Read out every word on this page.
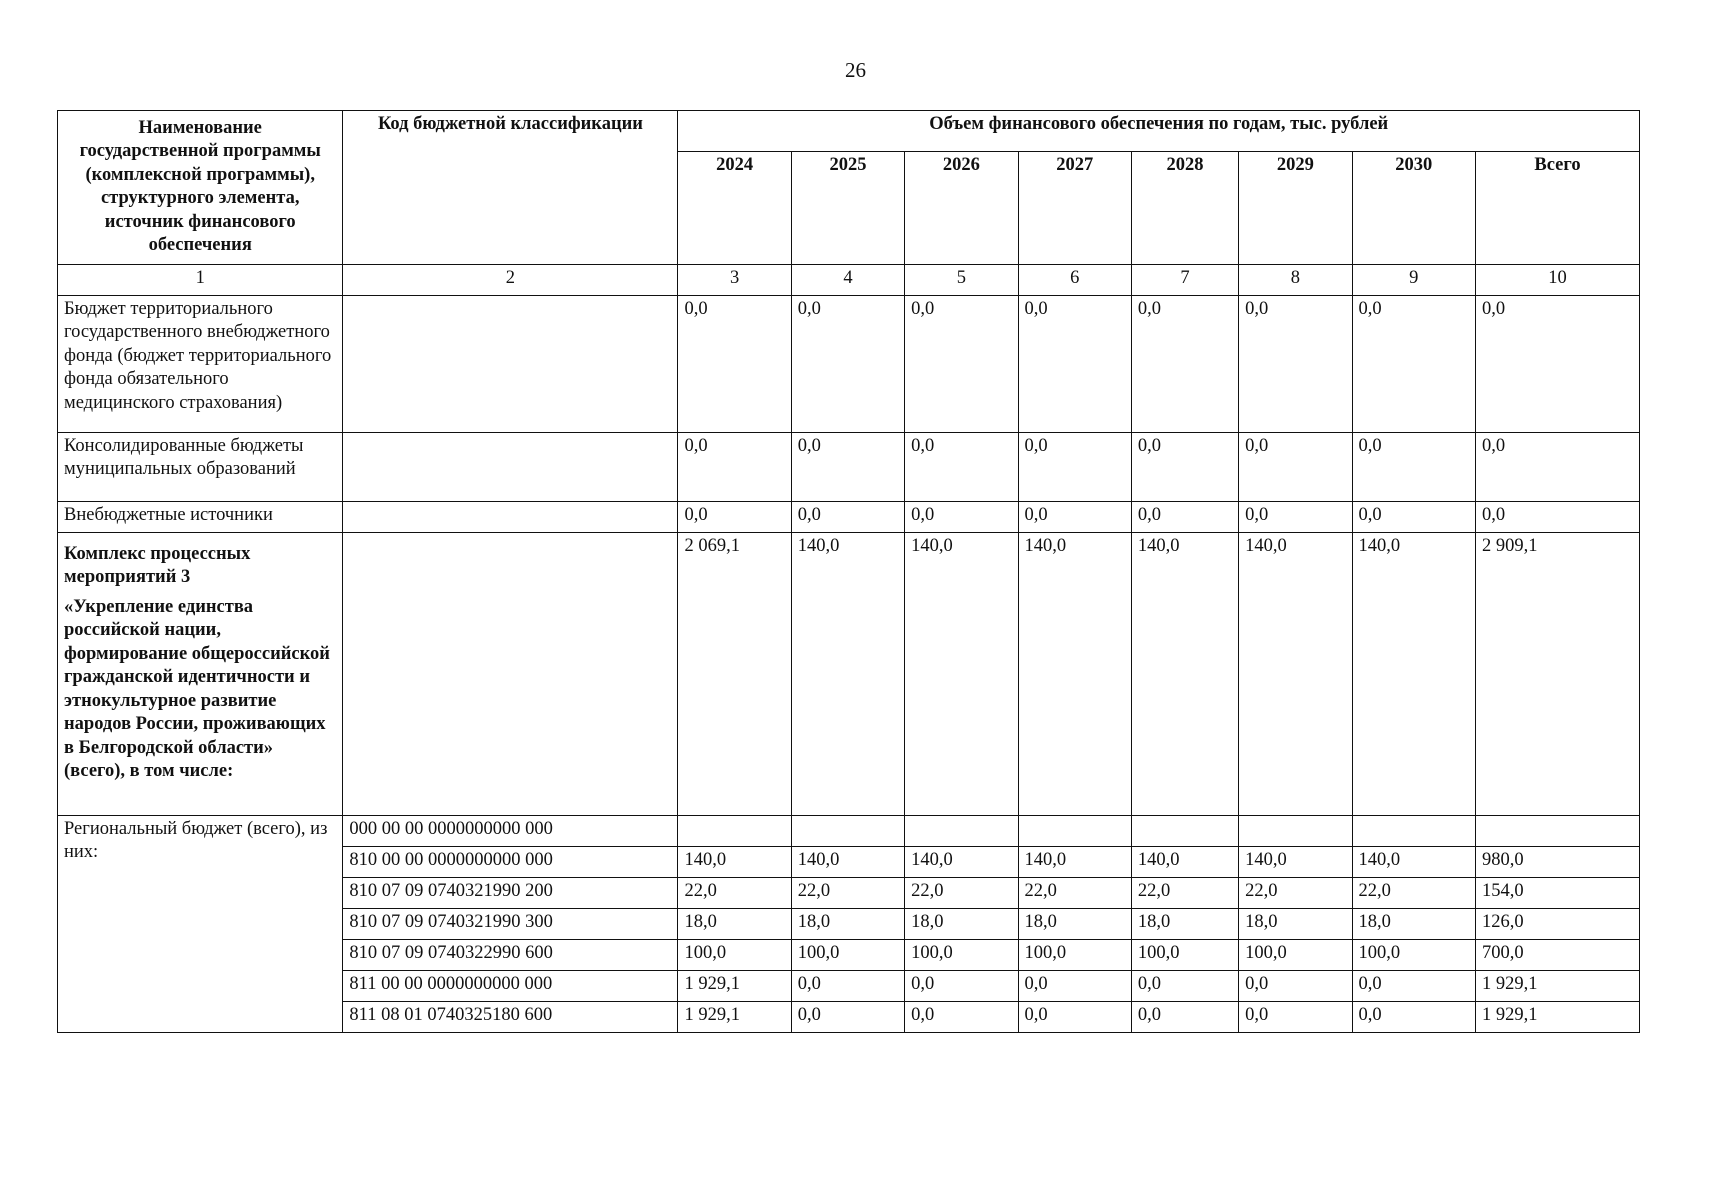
26
Наименование государственной программы (комплексной программы), структурного элемента, источник финансового обеспечения	Код бюджетной классификации	Объем финансового обеспечения по годам, тыс. рублей							
		2024	2025	2026	2027	2028	2029	2030	Всего
1	2	3	4	5	6	7	8	9	10
Бюджет территориального государственного внебюджетного фонда (бюджет территориального фонда обязательного медицинского страхования)		0,0	0,0	0,0	0,0	0,0	0,0	0,0	0,0
Консолидированные бюджеты муниципальных образований		0,0	0,0	0,0	0,0	0,0	0,0	0,0	0,0
Внебюджетные источники		0,0	0,0	0,0	0,0	0,0	0,0	0,0	0,0

Комплекс процессных мероприятий 3
«Укрепление единства российской нации, формирование общероссийской гражданской идентичности и этнокультурное развитие народов России, проживающих в Белгородской области» (всего), в том числе:		2 069,1	140,0	140,0	140,0	140,0	140,0	140,0	2 909,1
Региональный бюджет (всего), из них:	000 00 00 0000000000 000								
	810 00 00 0000000000 000	140,0	140,0	140,0	140,0	140,0	140,0	140,0	980,0
	810 07 09 0740321990 200	22,0	22,0	22,0	22,0	22,0	22,0	22,0	154,0
	810 07 09 0740321990 300	18,0	18,0	18,0	18,0	18,0	18,0	18,0	126,0
	810 07 09 0740322990 600	100,0	100,0	100,0	100,0	100,0	100,0	100,0	700,0
	811 00 00 0000000000 000	1 929,1	0,0	0,0	0,0	0,0	0,0	0,0	1 929,1
	811 08 01 0740325180 600	1 929,1	0,0	0,0	0,0	0,0	0,0	0,0	1 929,1
